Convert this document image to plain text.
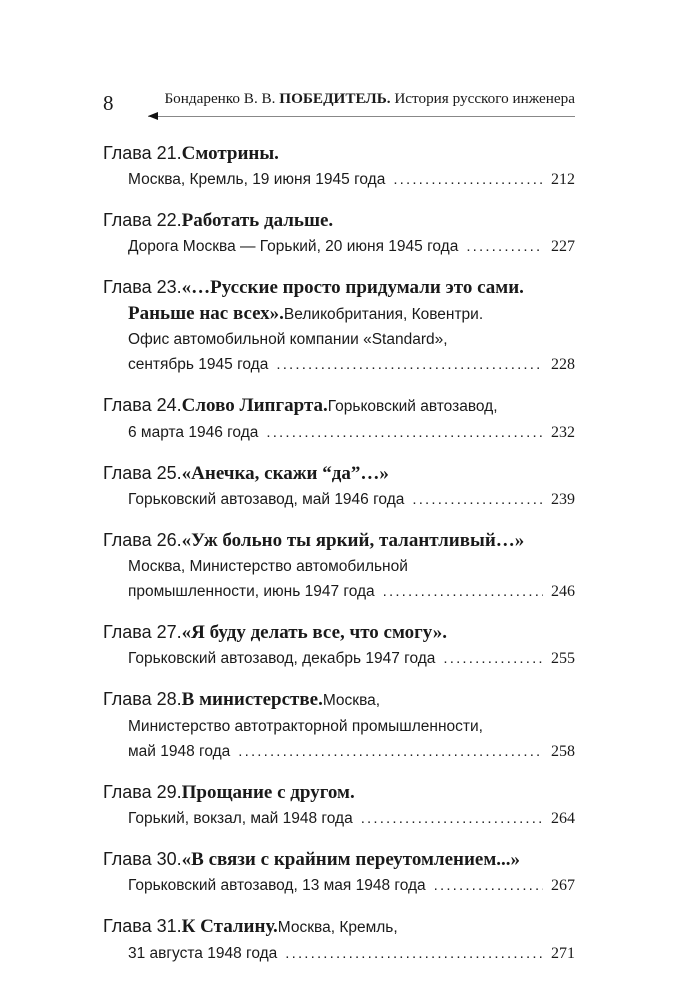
8	Бондаренко В. В. ПОБЕДИТЕЛЬ. История русского инженера
Глава 21. Смотрины.
Москва, Кремль, 19 июня 1945 года . . .	212
Глава 22. Работать дальше.
Дорога Москва — Горький, 20 июня 1945 года . . .	227
Глава 23. «…Русские просто придумали это сами.
Раньше нас всех». Великобритания, Ковентри.
Офис автомобильной компании «Standard»,
сентябрь 1945 года . . .	228
Глава 24. Слово Липгарта. Горьковский автозавод,
6 марта 1946 года . . .	232
Глава 25. «Анечка, скажи “да”…»
Горьковский автозавод, май 1946 года . . .	239
Глава 26. «Уж больно ты яркий, талантливый…»
Москва, Министерство автомобильной
промышленности, июнь 1947 года . . .	246
Глава 27. «Я буду делать все, что смогу».
Горьковский автозавод, декабрь 1947 года . . .	255
Глава 28. В министерстве. Москва,
Министерство автотракторной промышленности,
май 1948 года . . .	258
Глава 29. Прощание с другом.
Горький, вокзал, май 1948 года . . .	264
Глава 30. «В связи с крайним переутомлением...»
Горьковский автозавод, 13 мая 1948 года . . .	267
Глава 31. К Сталину. Москва, Кремль,
31 августа 1948 года . . .	271
